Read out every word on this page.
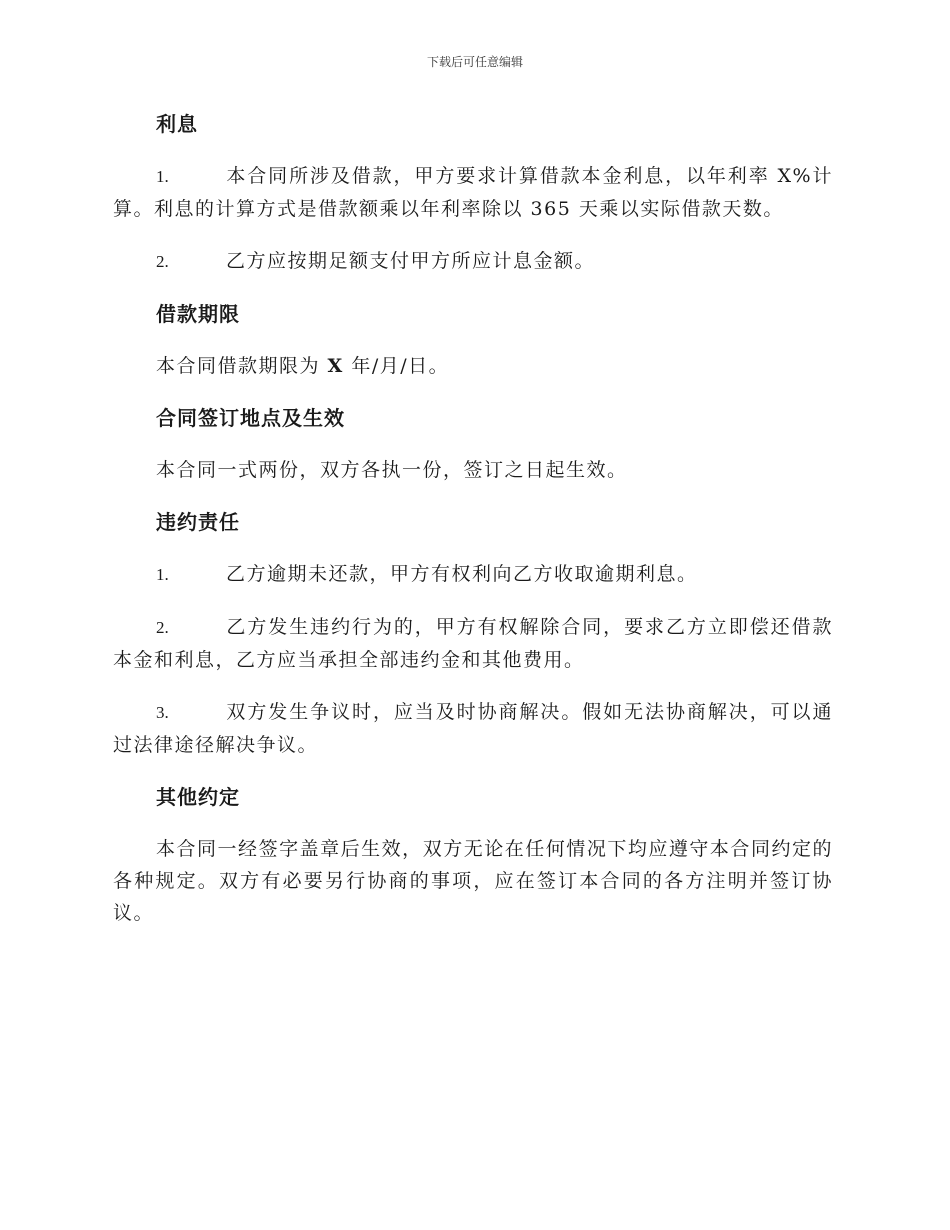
下载后可任意编辑
利息
1.	本合同所涉及借款，甲方要求计算借款本金利息，以年利率 X%计算。利息的计算方式是借款额乘以年利率除以 365 天乘以实际借款天数。
2.	乙方应按期足额支付甲方所应计息金额。
借款期限
本合同借款期限为 X 年/月/日。
合同签订地点及生效
本合同一式两份，双方各执一份，签订之日起生效。
违约责任
1.	乙方逾期未还款，甲方有权利向乙方收取逾期利息。
2.	乙方发生违约行为的，甲方有权解除合同，要求乙方立即偿还借款本金和利息，乙方应当承担全部违约金和其他费用。
3.	双方发生争议时，应当及时协商解决。假如无法协商解决，可以通过法律途径解决争议。
其他约定
本合同一经签字盖章后生效，双方无论在任何情况下均应遵守本合同约定的各种规定。双方有必要另行协商的事项，应在签订本合同的各方注明并签订协议。
